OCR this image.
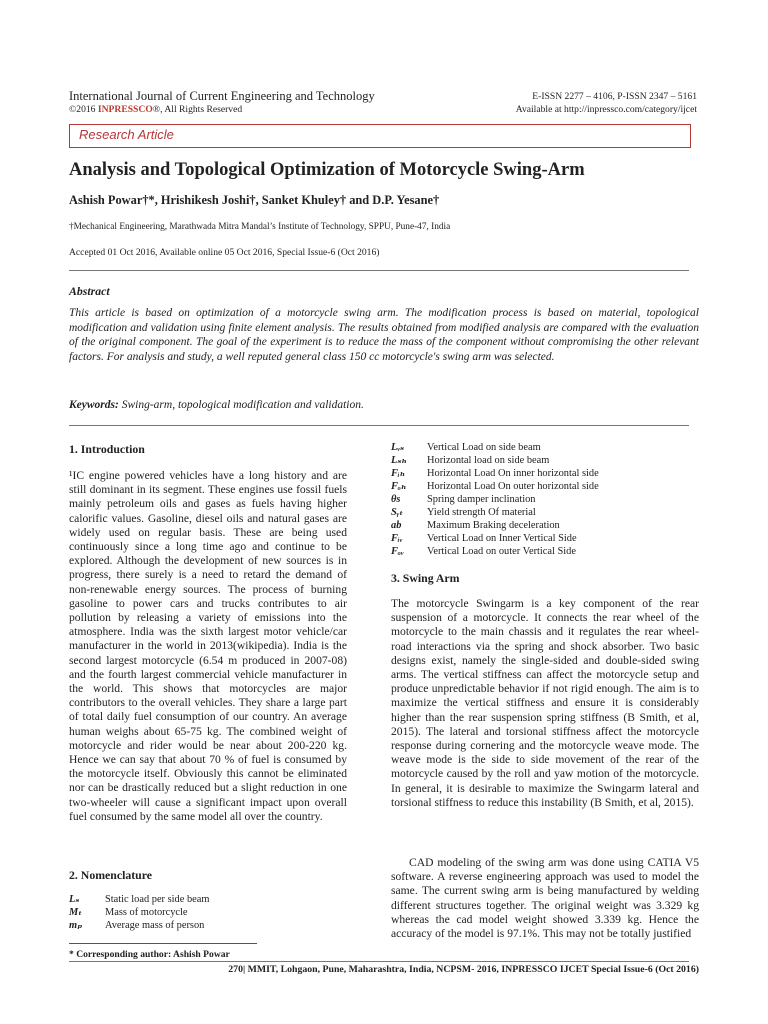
International Journal of Current Engineering and Technology
©2016 INPRESSCO®, All Rights Reserved
E-ISSN 2277 – 4106, P-ISSN 2347 – 5161
Available at http://inpressco.com/category/ijcet
Research Article
Analysis and Topological Optimization of Motorcycle Swing-Arm
Ashish Powar†*, Hrishikesh Joshi†, Sanket Khuley† and D.P. Yesane†
†Mechanical Engineering, Marathwada Mitra Mandal’s Institute of Technology, SPPU, Pune-47, India
Accepted 01 Oct 2016, Available online 05 Oct 2016, Special Issue-6 (Oct 2016)
Abstract
This article is based on optimization of a motorcycle swing arm. The modification process is based on material, topological modification and validation using finite element analysis. The results obtained from modified analysis are compared with the evaluation of the original component. The goal of the experiment is to reduce the mass of the component without compromising the other relevant factors. For analysis and study, a well reputed general class 150 cc motorcycle's swing arm was selected.
Keywords: Swing-arm, topological modification and validation.
1. Introduction
¹IC engine powered vehicles have a long history and are still dominant in its segment. These engines use fossil fuels mainly petroleum oils and gases as fuels having higher calorific values. Gasoline, diesel oils and natural gases are widely used on regular basis. These are being used continuously since a long time ago and continue to be explored. Although the development of new sources is in progress, there surely is a need to retard the demand of non-renewable energy sources. The process of burning gasoline to power cars and trucks contributes to air pollution by releasing a variety of emissions into the atmosphere. India was the sixth largest motor vehicle/car manufacturer in the world in 2013(wikipedia). India is the second largest motorcycle (6.54 m produced in 2007-08) and the fourth largest commercial vehicle manufacturer in the world. This shows that motorcycles are major contributors to the overall vehicles. They share a large part of total daily fuel consumption of our country. An average human weighs about 65-75 kg. The combined weight of motorcycle and rider would be near about 200-220 kg. Hence we can say that about 70 % of fuel is consumed by the motorcycle itself. Obviously this cannot be eliminated nor can be drastically reduced but a slight reduction in one two-wheeler will cause a significant impact upon overall fuel consumed by the same model all over the country.
2. Nomenclature
Lₛ Static load per side beam
Mₜ Mass of motorcycle
mₚ Average mass of person
Lᵥₛ Vertical Load on side beam
Lₛₕ Horizontal load on side beam
Fᵢₕ Horizontal Load On inner horizontal side
Fₒₕ Horizontal Load On outer horizontal side
θs	Spring damper inclination
Sᵧₜ Yield strength Of material
ab Maximum Braking deceleration
Fᵢᵥ Vertical Load on Inner Vertical Side
Fₒᵥ Vertical Load on outer Vertical Side
3. Swing Arm
The motorcycle Swingarm is a key component of the rear suspension of a motorcycle. It connects the rear wheel of the motorcycle to the main chassis and it regulates the rear wheel-road interactions via the spring and shock absorber. Two basic designs exist, namely the single-sided and double-sided swing arms. The vertical stiffness can affect the motorcycle setup and produce unpredictable behavior if not rigid enough. The aim is to maximize the vertical stiffness and ensure it is considerably higher than the rear suspension spring stiffness (B Smith, et al, 2015). The lateral and torsional stiffness affect the motorcycle response during cornering and the motorcycle weave mode. The weave mode is the side to side movement of the rear of the motorcycle caused by the roll and yaw motion of the motorcycle. In general, it is desirable to maximize the Swingarm lateral and torsional stiffness to reduce this instability (B Smith, et al, 2015).
CAD modeling of the swing arm was done using CATIA V5 software. A reverse engineering approach was used to model the same. The current swing arm is being manufactured by welding different structures together. The original weight was 3.329 kg whereas the cad model weight showed 3.339 kg. Hence the accuracy of the model is 97.1%. This may not be totally justified
* Corresponding author: Ashish Powar
270| MMIT, Lohgaon, Pune, Maharashtra, India, NCPSM- 2016, INPRESSCO IJCET Special Issue-6 (Oct 2016)
